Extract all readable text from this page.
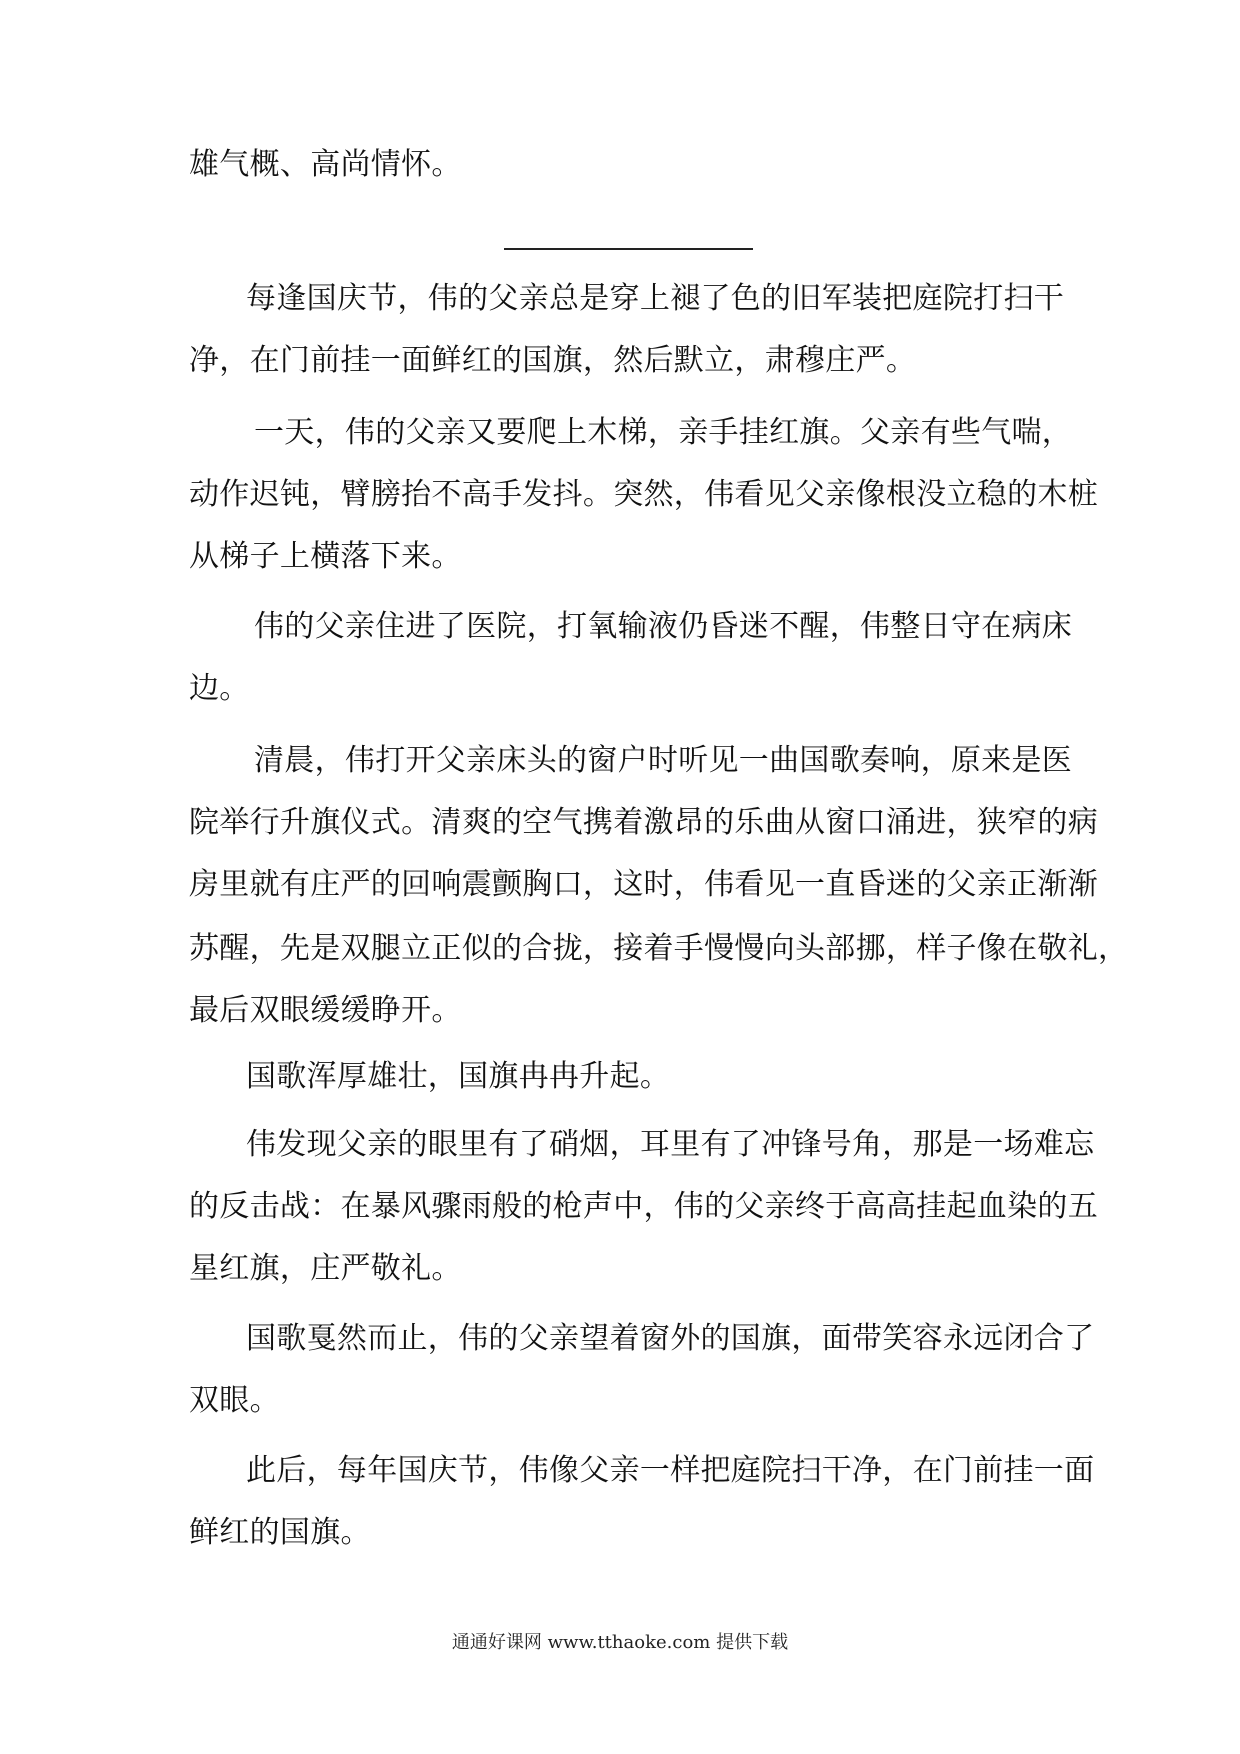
雄气概、高尚情怀。
每逢国庆节，伟的父亲总是穿上褪了色的旧军装把庭院打扫干
净，在门前挂一面鲜红的国旗，然后默立，肃穆庄严。
一天，伟的父亲又要爬上木梯，亲手挂红旗。父亲有些气喘，
动作迟钝，臂膀抬不高手发抖。突然，伟看见父亲像根没立稳的木桩
从梯子上横落下来。
伟的父亲住进了医院，打氧输液仍昏迷不醒，伟整日守在病床
边。
清晨，伟打开父亲床头的窗户时听见一曲国歌奏响，原来是医
院举行升旗仪式。清爽的空气携着激昂的乐曲从窗口涌进，狭窄的病
房里就有庄严的回响震颤胸口，这时，伟看见一直昏迷的父亲正渐渐
苏醒，先是双腿立正似的合拢，接着手慢慢向头部挪，样子像在敬礼，
最后双眼缓缓睁开。
国歌浑厚雄壮，国旗冉冉升起。
伟发现父亲的眼里有了硝烟，耳里有了冲锋号角，那是一场难忘
的反击战：在暴风骤雨般的枪声中，伟的父亲终于高高挂起血染的五
星红旗，庄严敬礼。
国歌戛然而止，伟的父亲望着窗外的国旗，面带笑容永远闭合了
双眼。
此后，每年国庆节，伟像父亲一样把庭院扫干净，在门前挂一面
鲜红的国旗。
通通好课网 www.tthaoke.com 提供下载
